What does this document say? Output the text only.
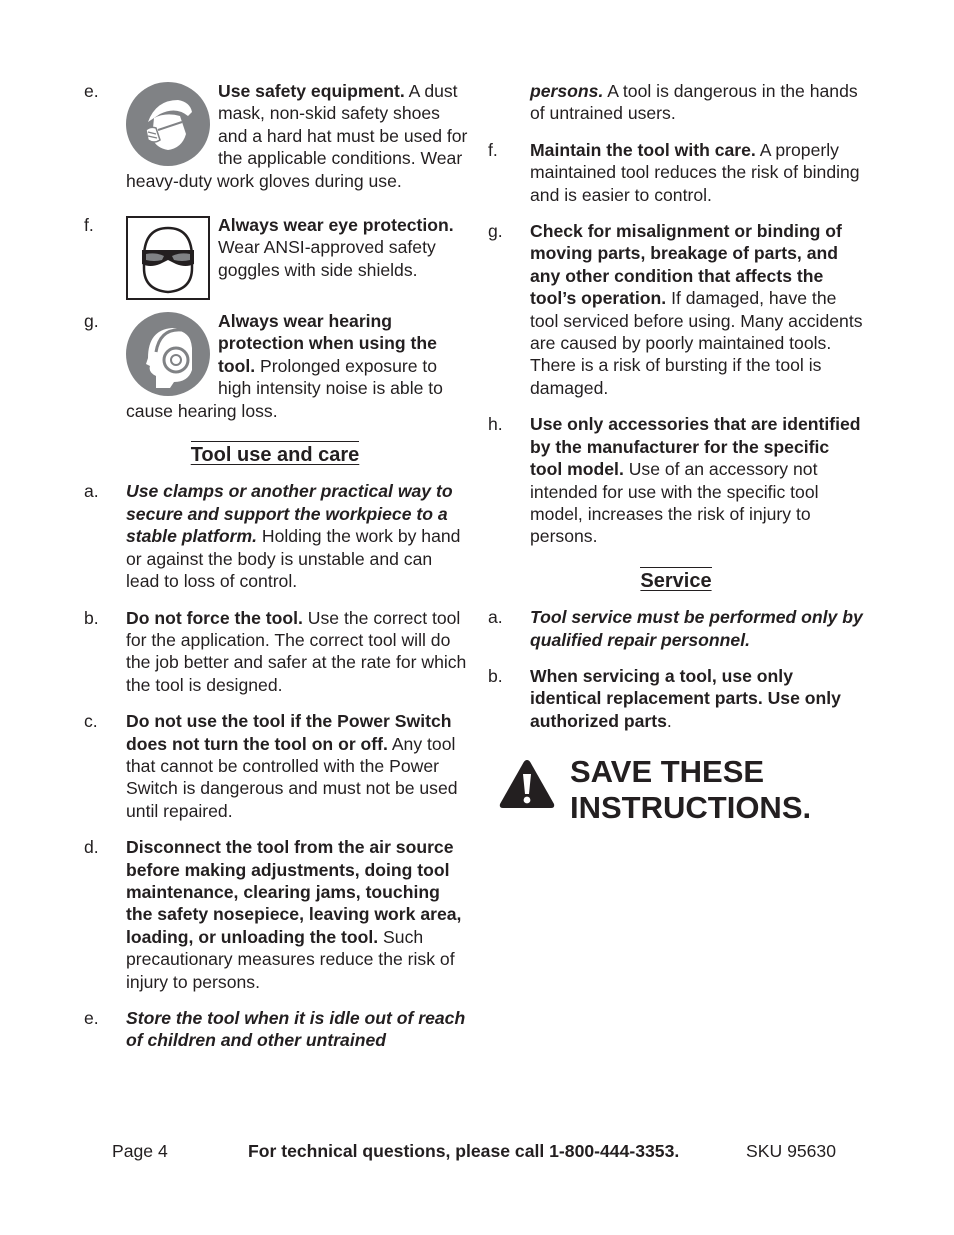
e.	Use safety equipment. A dust mask, non-skid safety shoes and a hard hat must be used for the applicable conditions. Wear heavy-duty work gloves during use.
f.	Always wear eye protection. Wear ANSI-approved safety goggles with side shields.
g.	Always wear hearing protection when using the tool. Prolonged exposure to high intensity noise is able to cause hearing loss.
Tool use and care
a. Use clamps or another practical way to secure and support the workpiece to a stable platform. Holding the work by hand or against the body is unstable and can lead to loss of control.
b. Do not force the tool. Use the correct tool for the application. The correct tool will do the job better and safer at the rate for which the tool is designed.
c. Do not use the tool if the Power Switch does not turn the tool on or off. Any tool that cannot be controlled with the Power Switch is dangerous and must not be used until repaired.
d. Disconnect the tool from the air source before making adjustments, doing tool maintenance, clearing jams, touching the safety nosepiece, leaving work area, loading, or unloading the tool. Such precautionary measures reduce the risk of injury to persons.
e. Store the tool when it is idle out of reach of children and other untrained
persons. A tool is dangerous in the hands of untrained users.
f. Maintain the tool with care. A properly maintained tool reduces the risk of binding and is easier to control.
g. Check for misalignment or binding of moving parts, breakage of parts, and any other condition that affects the tool’s operation. If damaged, have the tool serviced before using. Many accidents are caused by poorly maintained tools. There is a risk of bursting if the tool is damaged.
h. Use only accessories that are identified by the manufacturer for the specific tool model. Use of an accessory not intended for use with the specific tool model, increases the risk of injury to persons.
Service
a. Tool service must be performed only by qualified repair personnel.
b. When servicing a tool, use only identical replacement parts. Use only authorized parts.
SAVE THESE
INSTRUCTIONS.
Page 4	For technical questions, please call 1-800-444-3353.	SKU 95630
